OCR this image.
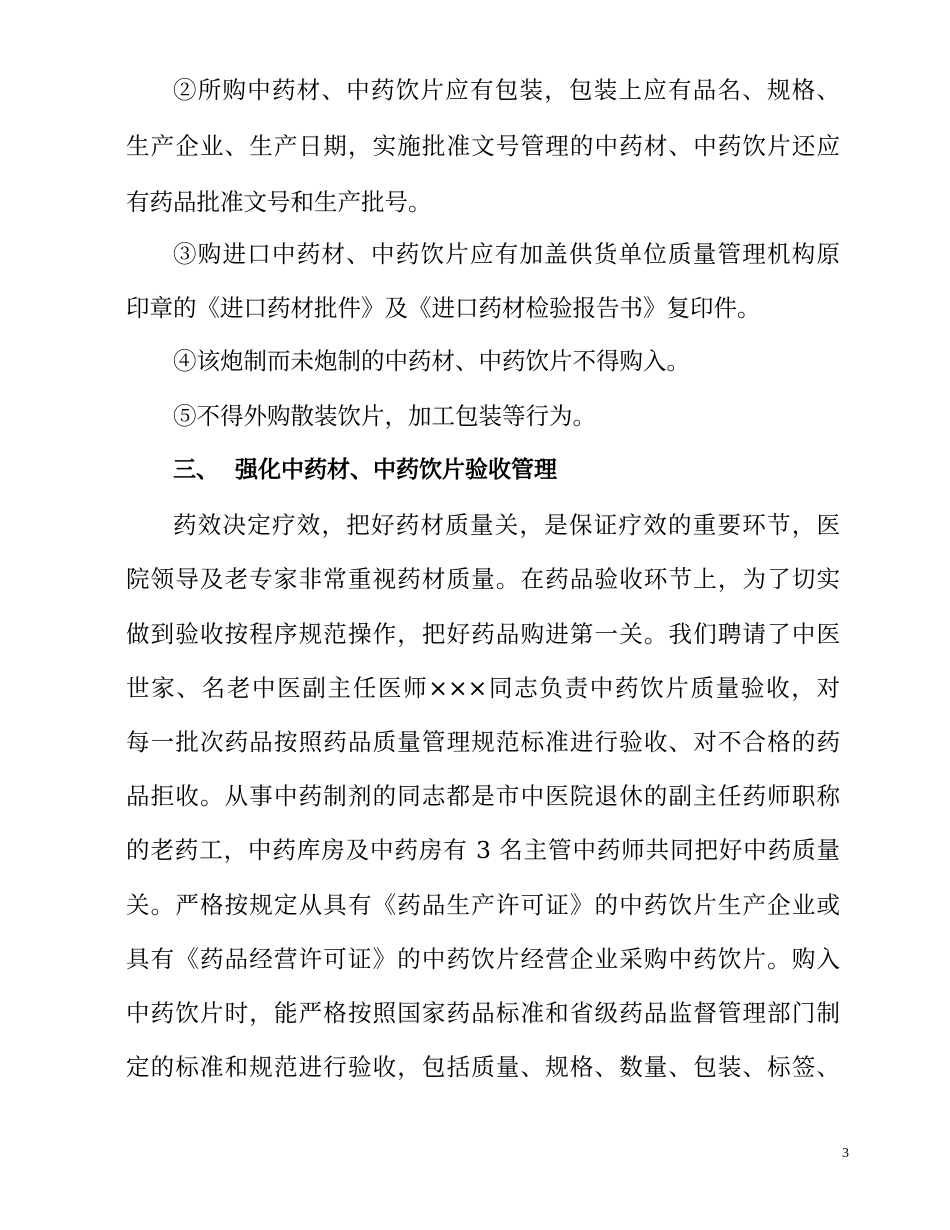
②所购中药材、中药饮片应有包装，包装上应有品名、规格、
生产企业、生产日期，实施批准文号管理的中药材、中药饮片还应
有药品批准文号和生产批号。
③购进口中药材、中药饮片应有加盖供货单位质量管理机构原
印章的《进口药材批件》及《进口药材检验报告书》复印件。
④该炮制而未炮制的中药材、中药饮片不得购入。
⑤不得外购散装饮片，加工包装等行为。
三、 强化中药材、中药饮片验收管理
药效决定疗效，把好药材质量关，是保证疗效的重要环节，医
院领导及老专家非常重视药材质量。在药品验收环节上，为了切实
做到验收按程序规范操作，把好药品购进第一关。我们聘请了中医
世家、名老中医副主任医师×××同志负责中药饮片质量验收，对
每一批次药品按照药品质量管理规范标准进行验收、对不合格的药
品拒收。从事中药制剂的同志都是市中医院退休的副主任药师职称
的老药工，中药库房及中药房有 3 名主管中药师共同把好中药质量
关。严格按规定从具有《药品生产许可证》的中药饮片生产企业或
具有《药品经营许可证》的中药饮片经营企业采购中药饮片。购入
中药饮片时，能严格按照国家药品标准和省级药品监督管理部门制
定的标准和规范进行验收，包括质量、规格、数量、包装、标签、
3
